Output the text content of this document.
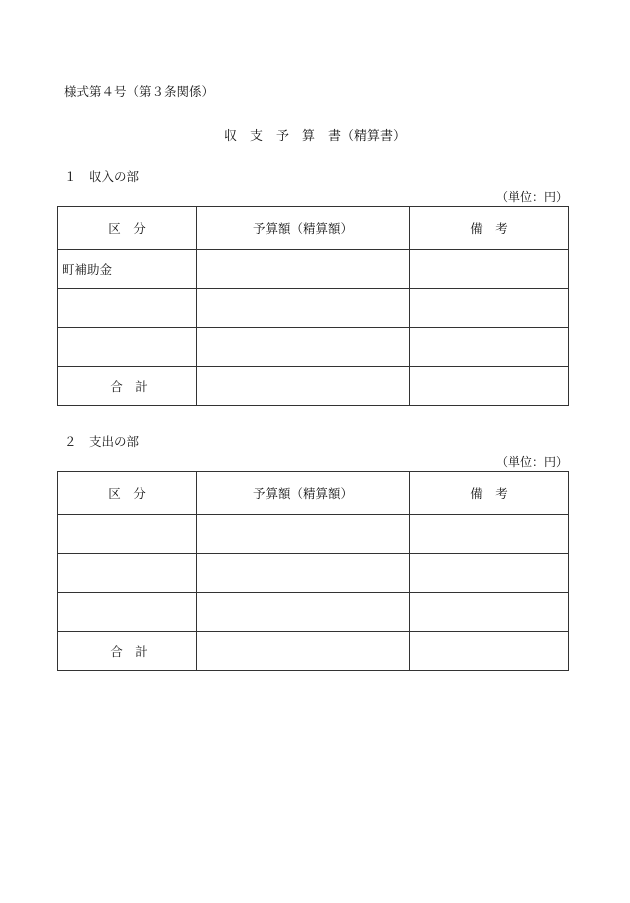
様式第４号（第３条関係）
収　支　予　算　書（精算書）
１　収入の部
（単位：円）
区　分	予算額（精算額）	備　考
町補助金		

合　計		
２　支出の部
（単位：円）
区　分	予算額（精算額）	備　考

合　計		
